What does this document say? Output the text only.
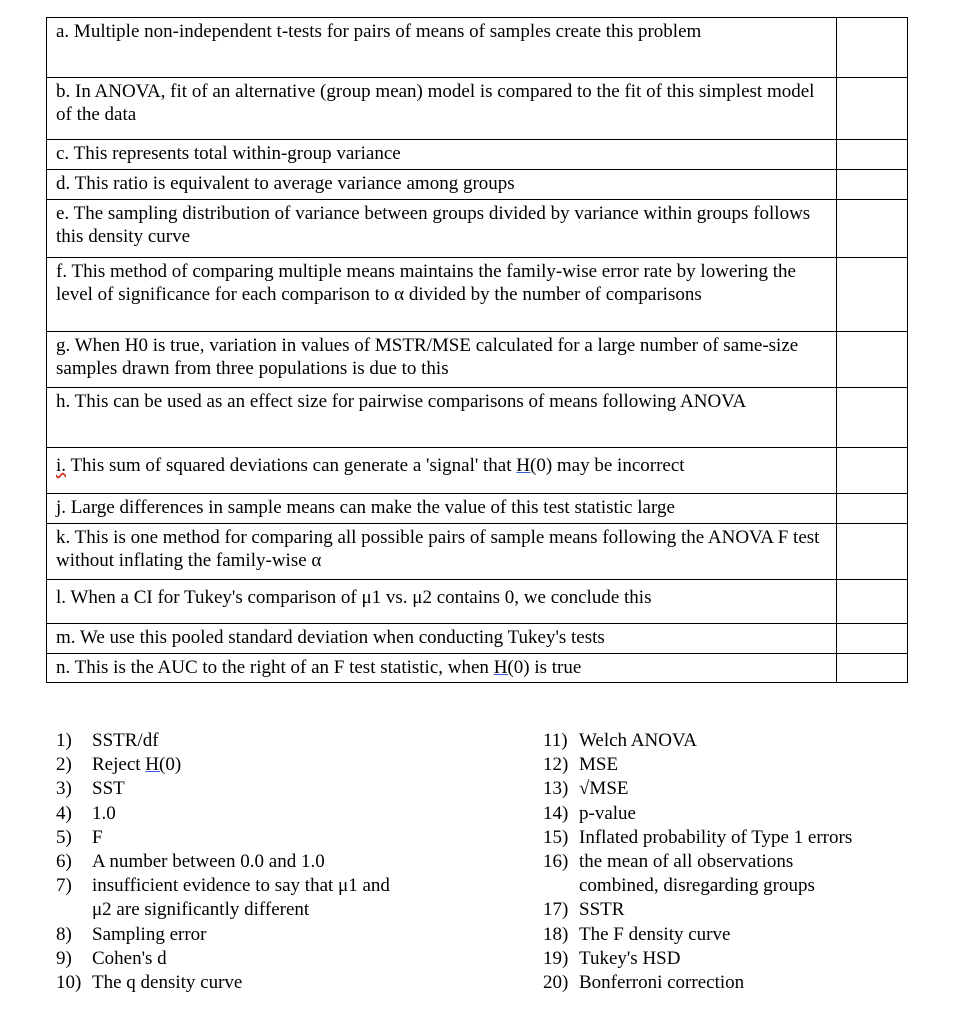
a. Multiple non-independent t-tests for pairs of means of samples create this problem	
b. In ANOVA, fit of an alternative (group mean) model is compared to the fit of this simplest model of the data	
c. This represents total within-group variance	
d. This ratio is equivalent to average variance among groups	
e. The sampling distribution of variance between groups divided by variance within groups follows this density curve	
f. This method of comparing multiple means maintains the family-wise error rate by lowering the level of significance for each comparison to α divided by the number of comparisons	
g. When H0 is true, variation in values of MSTR/MSE calculated for a large number of same-size samples drawn from three populations is due to this	
h. This can be used as an effect size for pairwise comparisons of means following ANOVA	
i. This sum of squared deviations can generate a 'signal' that H(0) may be incorrect	
j. Large differences in sample means can make the value of this test statistic large	
k. This is one method for comparing all possible pairs of sample means following the ANOVA F test without inflating the family-wise α	
l. When a CI for Tukey's comparison of μ1 vs. μ2 contains 0, we conclude this	
m. We use this pooled standard deviation when conducting Tukey's tests	
n. This is the AUC to the right of an F test statistic, when H(0) is true	
1)	SSTR/df
2)	Reject H(0)
3)	SST
4)	1.0
5)	F
6)	A number between 0.0 and 1.0
7)	insufficient evidence to say that μ1 and μ2 are significantly different
8)	Sampling error
9)	Cohen's d
10) The q density curve
11) Welch ANOVA
12) MSE
13) √MSE
14) p-value
15) Inflated probability of Type 1 errors
16) the mean of all observations combined, disregarding groups
17) SSTR
18) The F density curve
19) Tukey's HSD
20) Bonferroni correction
